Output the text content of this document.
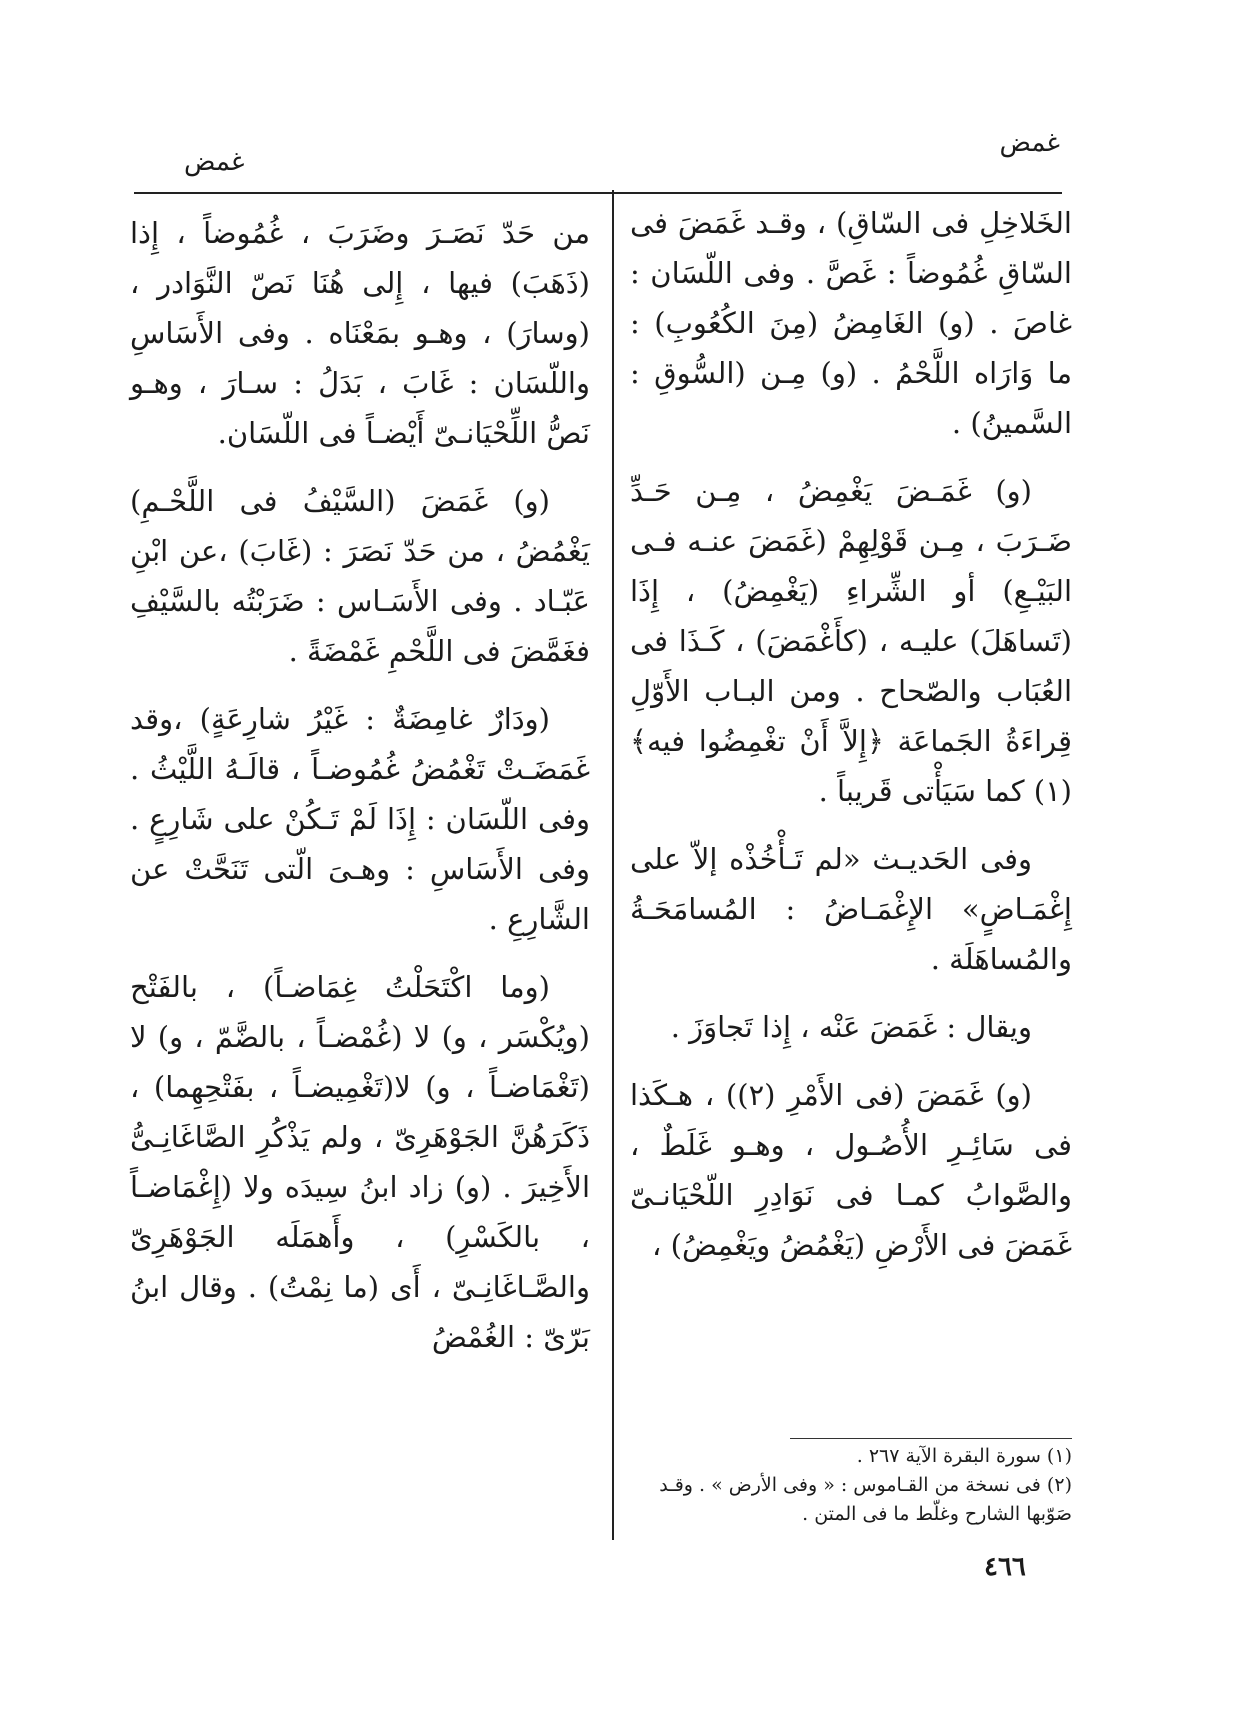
غمض
غمض

الخَلاخِلِ فى السّاقِ) ، وقـد غَمَضَ فى السّاقِ غُمُوضاً : غَصَّ . وفى اللّسَان : غاصَ . (و) الغَامِضُ (مِنَ الكُعُوبِ) : ما وَارَاه اللَّحْمُ . (و) مِـن (السُّوقِ : السَّمينُ) .

(و) غَمَـضَ يَغْمِضُ ، مِـن حَـدِّ ضَـرَبَ ، مِـن قَوْلِهِمْ (غَمَضَ عنـه فـى البَيْـعِ) أو الشِّراءِ (يَغْمِضُ) ، إِذَا (تَساهَلَ) عليـه ، (كأَغْمَضَ) ، كَـذَا فى العُبَاب والصّحاح . ومن البـاب الأَوّلِ قِراءَةُ الجَماعَة ﴿إِلاَّ أَنْ تغْمِضُوا فيه﴾ (١) كما سَيَأْتى قَريباً .

وفى الحَديـث «لم تَـأْخُذْه إلاّ على إِغْمَـاضٍ» الإِغْمَـاضُ : المُسامَحَـةُ والمُساهَلَة .

ويقال : غَمَضَ عَنْه ، إِذا تَجاوَزَ .

(و) غَمَضَ (فى الأَمْرِ (٢)) ، هـكَذا فى سَائِـرِ الأُصُـول ، وهـو غَلَطٌ ، والصَّوابُ كمـا فى نَوَادِرِ اللّحْيَانـىّ غَمَضَ فى الأَرْضِ (يَغْمُضُ ويَغْمِضُ) ،

من حَدّ نَصَـرَ وضَرَبَ ، غُمُوضاً ، إِذا (ذَهَبَ) فيها ، إِلى هُنَا نَصّ النَّوَادر ، (وسارَ) ، وهـو بمَعْنَاه . وفى الأَسَاسِ واللّسَان : غَابَ ، بَدَلُ : سـارَ ، وهـو نَصُّ اللِّحْيَانـىّ أَيْضـاً فى اللّسَان.

(و) غَمَضَ (السَّيْفُ فى اللَّحْـمِ) يَغْمُضُ ، من حَدّ نَصَرَ : (غَابَ) ،عن ابْنِ عَبّـاد . وفى الأَسَـاس : ضَرَبْتُه بالسَّيْفِ فغَمَّضَ فى اللَّحْمِ غَمْضَةً .

(ودَارٌ غامِضَةٌ : غَيْرُ شارِعَةٍ) ،وقد غَمَضَـتْ تَغْمُضُ غُمُوضـاً ، قالَـهُ اللَّيْثُ . وفى اللّسَان : إِذَا لَمْ تَـكُنْ على شَارِعٍ . وفى الأَسَاسِ : وهـىَ الّتى تَنَحَّتْ عن الشَّارِعِ .

(وما اكْتَحَلْتُ غِمَاضـاً) ، بالفَتْح (ويُكْسَر ، و) لا (غُمْضـاً ، بالضَّمّ ، و) لا (تَغْمَاضـاً ، و) لا(تَغْمِيضـاً ، بفَتْحِهِما) ، ذَكَرَهُنَّ الجَوْهَرِىّ ، ولم يَذْكُرِ الصَّاغَانِـىُّ الأَخِيرَ . (و) زاد ابنُ سِيدَه ولا (إِغْمَاضـاً ، بالكَسْرِ) ، وأَهمَلَه الجَوْهَرِىّ والصَّـاغَانِـىّ ، أَى (ما نِمْتُ) . وقال ابنُ بَرّىّ : الغُمْضُ

(١) سورة البقرة الآية ٢٦٧ .
(٢) فى نسخة من القـاموس : « وفى الأرض » . وقـد صَوّبها الشارح وغلّط ما فى المتن .
٤٦٦
